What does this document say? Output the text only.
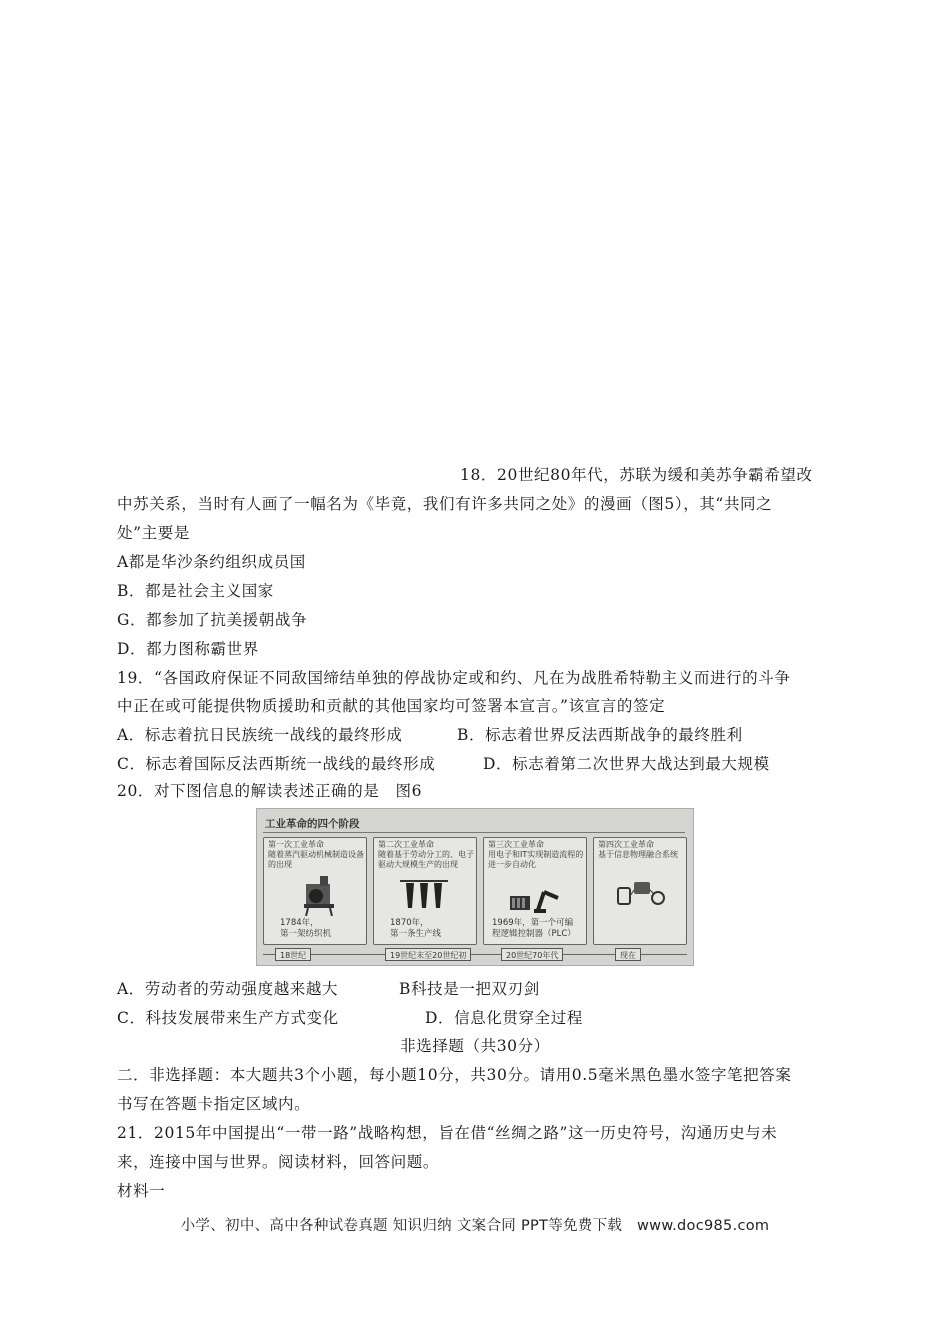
18．20世纪80年代，苏联为缓和美苏争霸希望改
中苏关系，当时有人画了一幅名为《毕竟，我们有许多共同之处》的漫画（图5），其“共同之
处”主要是
A都是华沙条约组织成员国
B．都是社会主义国家
G．都参加了抗美援朝战争
D．都力图称霸世界
19．“各国政府保证不同敌国缔结单独的停战协定或和约、凡在为战胜希特勒主义而进行的斗争
中正在或可能提供物质援助和贡献的其他国家均可签署本宣言。”该宣言的签定
A．标志着抗日民族统一战线的最终形成	B．标志着世界反法西斯战争的最终胜利
C．标志着国际反法西斯统一战线的最终形成	D．标志着第二次世界大战达到最大规模
20．对下图信息的解读表述正确的是　图6
工业革命的四个阶段
第一次工业革命
随着蒸汽驱动机械制造设备的出现
1784年，
第一架纺织机
第二次工业革命
随着基于劳动分工的、电子驱动大规模生产的出现
1870年，
第一条生产线
第三次工业革命
用电子和IT实现制造流程的进一步自动化
1969年，第一个可编
程逻辑控制器（PLC）
第四次工业革命
基于信息物理融合系统
18世纪	19世纪末至20世纪初	20世纪70年代	现在
A．劳动者的劳动强度越来越大	B科技是一把双刃剑
C．科技发展带来生产方式变化	D．信息化贯穿全过程
非选择题（共30分）
二．非选择题：本大题共3个小题，每小题10分，共30分。请用0.5毫米黑色墨水签字笔把答案
书写在答题卡指定区域内。
21．2015年中国提出“一带一路”战略构想，旨在借“丝绸之路”这一历史符号，沟通历史与未
来，连接中国与世界。阅读材料，回答问题。
材料一
小学、初中、高中各种试卷真题 知识归纳 文案合同 PPT等免费下载　www.doc985.com
